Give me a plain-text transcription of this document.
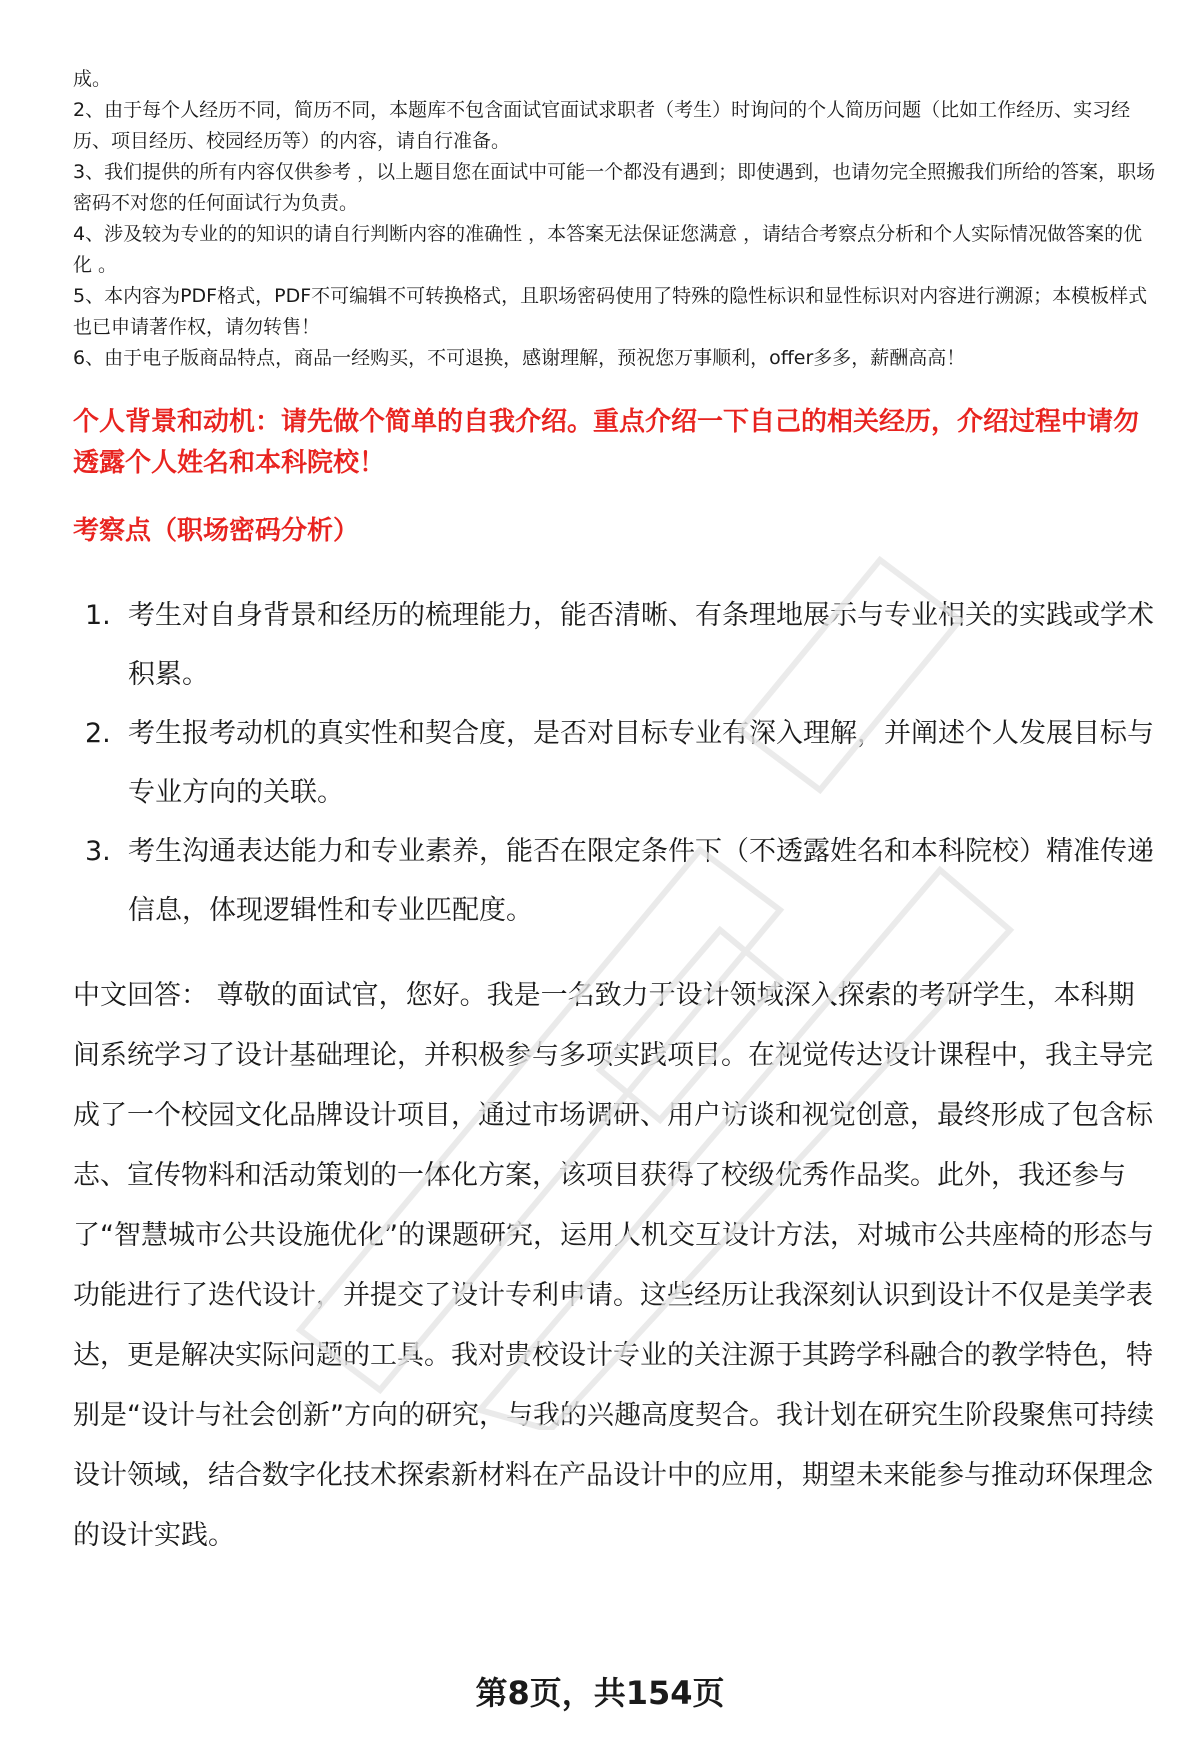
成。

2、由于每个人经历不同，简历不同，本题库不包含面试官面试求职者（考生）时询问的个人简历问题（比如工作经历、实习经历、项目经历、校园经历等）的内容，请自行准备。

3、我们提供的所有内容仅供参考 ，以上题目您在面试中可能一个都没有遇到；即使遇到，也请勿完全照搬我们所给的答案，职场密码不对您的任何面试行为负责。

4、涉及较为专业的的知识的请自行判断内容的准确性 ，本答案无法保证您满意 ，请结合考察点分析和个人实际情况做答案的优化 。

5、本内容为PDF格式，PDF不可编辑不可转换格式，且职场密码使用了特殊的隐性标识和显性标识对内容进行溯源；本模板样式也已申请著作权，请勿转售！

6、由于电子版商品特点，商品一经购买，不可退换，感谢理解，预祝您万事顺利，offer多多，薪酬高高！

个人背景和动机：请先做个简单的自我介绍。重点介绍一下自己的相关经历，介绍过程中请勿透露个人姓名和本科院校！
考察点（职场密码分析）
1. 考生对自身背景和经历的梳理能力，能否清晰、有条理地展示与专业相关的实践或学术积累。
2. 考生报考动机的真实性和契合度，是否对目标专业有深入理解，并阐述个人发展目标与专业方向的关联。
3. 考生沟通表达能力和专业素养，能否在限定条件下（不透露姓名和本科院校）精准传递信息，体现逻辑性和专业匹配度。

中文回答： 尊敬的面试官，您好。我是一名致力于设计领域深入探索的考研学生，本科期间系统学习了设计基础理论，并积极参与多项实践项目。在视觉传达设计课程中，我主导完成了一个校园文化品牌设计项目，通过市场调研、用户访谈和视觉创意，最终形成了包含标志、宣传物料和活动策划的一体化方案，该项目获得了校级优秀作品奖。此外，我还参与了“智慧城市公共设施优化”的课题研究，运用人机交互设计方法，对城市公共座椅的形态与功能进行了迭代设计，并提交了设计专利申请。这些经历让我深刻认识到设计不仅是美学表达，更是解决实际问题的工具。我对贵校设计专业的关注源于其跨学科融合的教学特色，特别是“设计与社会创新”方向的研究，与我的兴趣高度契合。我计划在研究生阶段聚焦可持续设计领域，结合数字化技术探索新材料在产品设计中的应用，期望未来能参与推动环保理念的设计实践。

第8页，共154页
